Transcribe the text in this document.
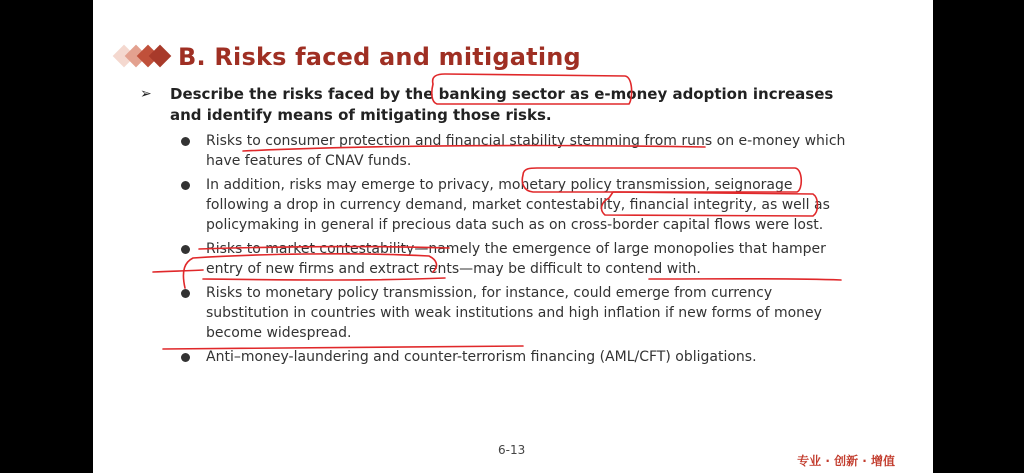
B. Risks faced and mitigating
➢	Describe the risks faced by the banking sector as e-money adoption increases and identify means of mitigating those risks.
Risks to consumer protection and financial stability stemming from runs on e-money which have features of CNAV funds.
In addition, risks may emerge to privacy, monetary policy transmission, seignorage following a drop in currency demand, market contestability, financial integrity, as well as policymaking in general if precious data such as on cross-border capital flows were lost.
Risks to market contestability—namely the emergence of large monopolies that hamper entry of new firms and extract rents—may be difficult to contend with.
Risks to monetary policy transmission, for instance, could emerge from currency substitution in countries with weak institutions and high inflation if new forms of money become widespread.
Anti–money-laundering and counter-terrorism financing (AML/CFT) obligations.
6-13
专业 · 创新 · 增值
